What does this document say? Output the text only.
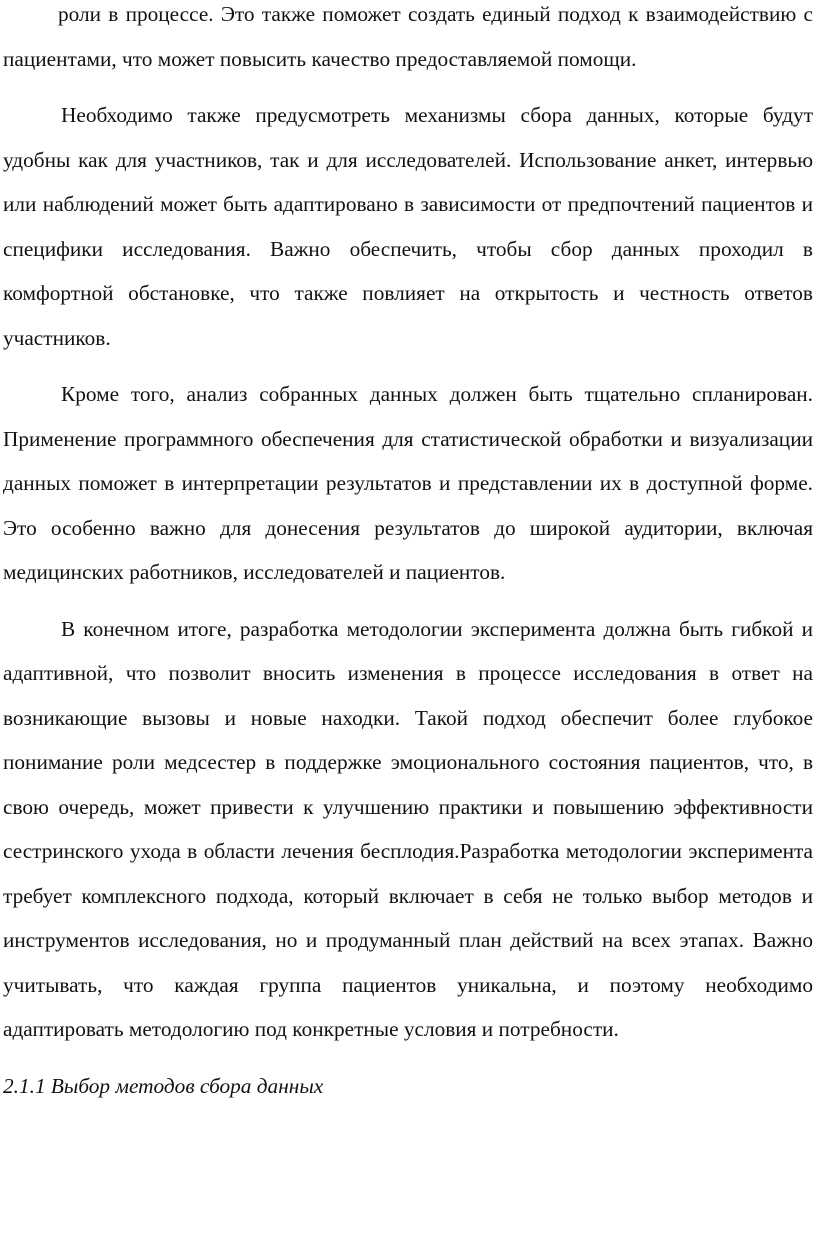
роли в процессе. Это также поможет создать единый подход к взаимодействию с пациентами, что может повысить качество предоставляемой помощи.

Необходимо также предусмотреть механизмы сбора данных, которые будут удобны как для участников, так и для исследователей. Использование анкет, интервью или наблюдений может быть адаптировано в зависимости от предпочтений пациентов и специфики исследования. Важно обеспечить, чтобы сбор данных проходил в комфортной обстановке, что также повлияет на открытость и честность ответов участников.

Кроме того, анализ собранных данных должен быть тщательно спланирован. Применение программного обеспечения для статистической обработки и визуализации данных поможет в интерпретации результатов и представлении их в доступной форме. Это особенно важно для донесения результатов до широкой аудитории, включая медицинских работников, исследователей и пациентов.

В конечном итоге, разработка методологии эксперимента должна быть гибкой и адаптивной, что позволит вносить изменения в процессе исследования в ответ на возникающие вызовы и новые находки. Такой подход обеспечит более глубокое понимание роли медсестер в поддержке эмоционального состояния пациентов, что, в свою очередь, может привести к улучшению практики и повышению эффективности сестринского ухода в области лечения бесплодия.Разработка методологии эксперимента требует комплексного подхода, который включает в себя не только выбор методов и инструментов исследования, но и продуманный план действий на всех этапах. Важно учитывать, что каждая группа пациентов уникальна, и поэтому необходимо адаптировать методологию под конкретные условия и потребности.

2.1.1 Выбор методов сбора данных
